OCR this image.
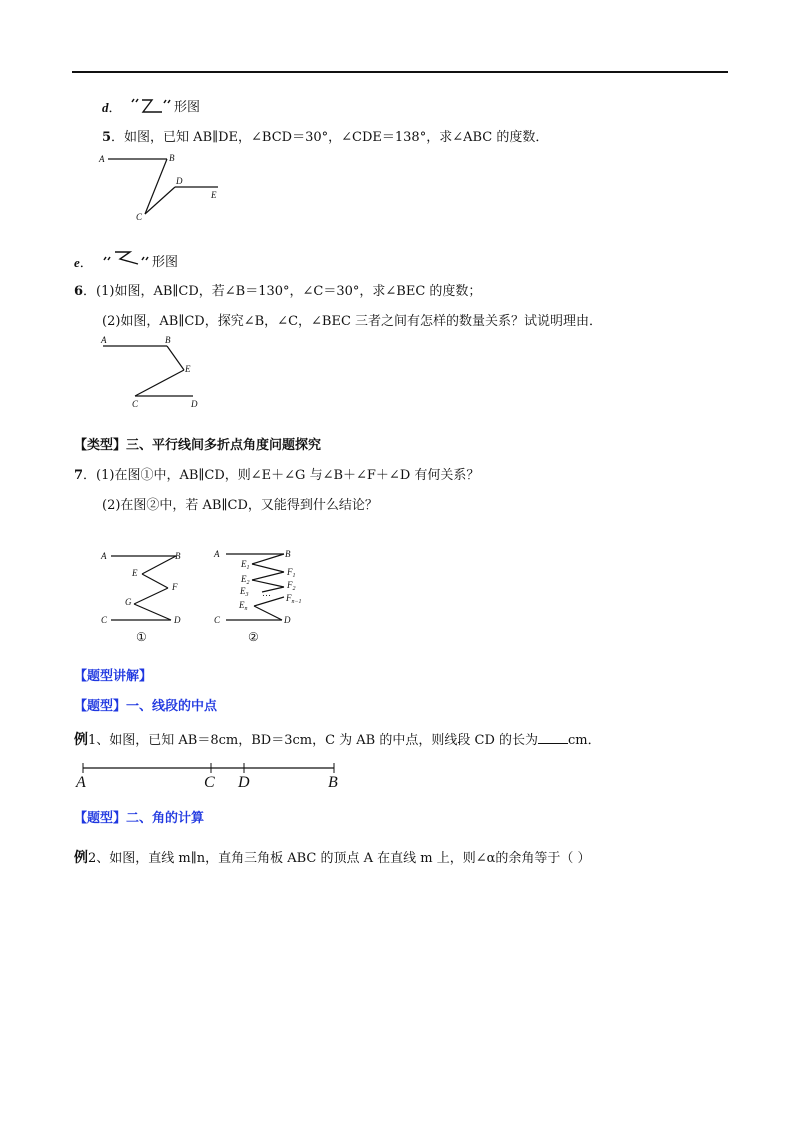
d．	形图
5．如图，已知 AB∥DE，∠BCD＝30°，∠CDE＝138°，求∠ABC 的度数．
A	B
D
E
C
e．	形图
6．(1)如图，AB∥CD，若∠B＝130°，∠C＝30°，求∠BEC 的度数；
(2)如图，AB∥CD，探究∠B，∠C，∠BEC 三者之间有怎样的数量关系？试说明理由．
A	B
E
C	D
【类型】三、平行线间多折点角度问题探究
7．(1)在图①中，AB∥CD，则∠E＋∠G 与∠B＋∠F＋∠D 有何关系？
(2)在图②中，若 AB∥CD，又能得到什么结论？
A	B
E
F
G
C	D
①
A	B
$E_1$	$F_1$
$E_2$	$F_2$
$E_3$ …
$E_n$
$F_{n-1}$
C	D
②
【题型讲解】
【题型】一、线段的中点
例1、如图，已知 AB＝8cm，BD＝3cm，C 为 AB 的中点，则线段 CD 的长为 cm．
A	C D	B
【题型】二、角的计算
例2、如图，直线 m∥n，直角三角板 ABC 的顶点 A 在直线 m 上，则∠α的余角等于（ ）
